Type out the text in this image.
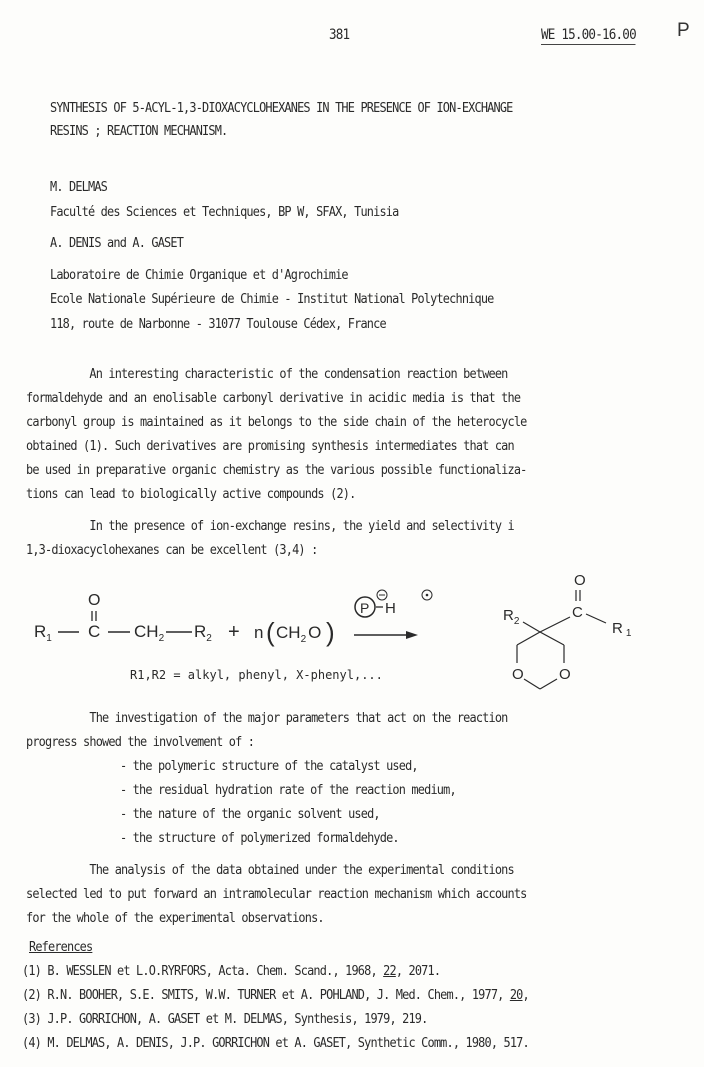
381	WE 15.00-16.00 P
SYNTHESIS OF 5-ACYL-1,3-DIOXACYCLOHEXANES IN THE PRESENCE OF ION-EXCHANGE
RESINS ; REACTION MECHANISM.
M. DELMAS
Faculté des Sciences et Techniques, BP W, SFAX, Tunisia
A. DENIS and A. GASET
Laboratoire de Chimie Organique et d'Agrochimie
Ecole Nationale Supérieure de Chimie - Institut National Polytechnique
118, route de Narbonne - 31077 Toulouse Cédex, France
An interesting characteristic of the condensation reaction between
formaldehyde and an enolisable carbonyl derivative in acidic media is that the
carbonyl group is maintained as it belongs to the side chain of the heterocycle
obtained (1). Such derivatives are promising synthesis intermediates that can
be used in preparative organic chemistry as the various possible functionaliza-
tions can lead to biologically active compounds (2).
In the presence of ion-exchange resins, the yield and selectivity i
1,3-dioxacyclohexanes can be excellent (3,4) :
$R_1$
O
C $CH_2$ $R_2 + n$ ( $CH_2$ O )
P H
R1,R2 = alkyl, phenyl, X-phenyl,...
O
C
R $_1$
$R_2$
O O
The investigation of the major parameters that act on the reaction
progress showed the involvement of :
- the polymeric structure of the catalyst used,
- the residual hydration rate of the reaction medium,
- the nature of the organic solvent used,
- the structure of polymerized formaldehyde.
The analysis of the data obtained under the experimental conditions
selected led to put forward an intramolecular reaction mechanism which accounts
for the whole of the experimental observations.
References
(1) B. WESSLEN et L.O.RYRFORS, Acta. Chem. Scand., 1968, 22, 2071.
(2) R.N. BOOHER, S.E. SMITS, W.W. TURNER et A. POHLAND, J. Med. Chem., 1977, 20,
(3) J.P. GORRICHON, A. GASET et M. DELMAS, Synthesis, 1979, 219.
(4) M. DELMAS, A. DENIS, J.P. GORRICHON et A. GASET, Synthetic Comm., 1980, 517.
